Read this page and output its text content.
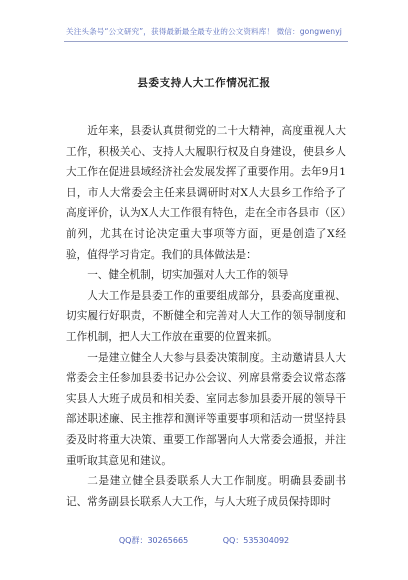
关注头条号“公文研究”，获得最新最全最专业的公文资料库！ 微信：gongwenyj
县委支持人大工作情况汇报

近年来，县委认真贯彻党的二十大精神，高度重视人大工作，积极关心、支持人大履职行权及自身建设，使县乡人大工作在促进县域经济社会发展发挥了重要作用。去年9月1日，市人大常委会主任来县调研时对X人大县乡工作给予了高度评价，认为X人大工作很有特色，走在全市各县市（区）前列，尤其在讨论决定重大事项等方面，更是创造了X经验，值得学习肯定。我们的具体做法是：

一、健全机制，切实加强对人大工作的领导

人大工作是县委工作的重要组成部分，县委高度重视、切实履行好职责，不断健全和完善对人大工作的领导制度和工作机制，把人大工作放在重要的位置来抓。

一是建立健全人大参与县委决策制度。主动邀请县人大常委会主任参加县委书记办公会议、列席县常委会议常态落实县人大班子成员和相关委、室同志参加县委开展的领导干部述职述廉、民主推荐和测评等重要事项和活动一贯坚持县委及时将重大决策、重要工作部署向人大常委会通报，并注重听取其意见和建议。

二是建立健全县委联系人大工作制度。明确县委副书记、常务副县长联系人大工作，与人大班子成员保持即时

QQ群：30265665	QQ：535304092
